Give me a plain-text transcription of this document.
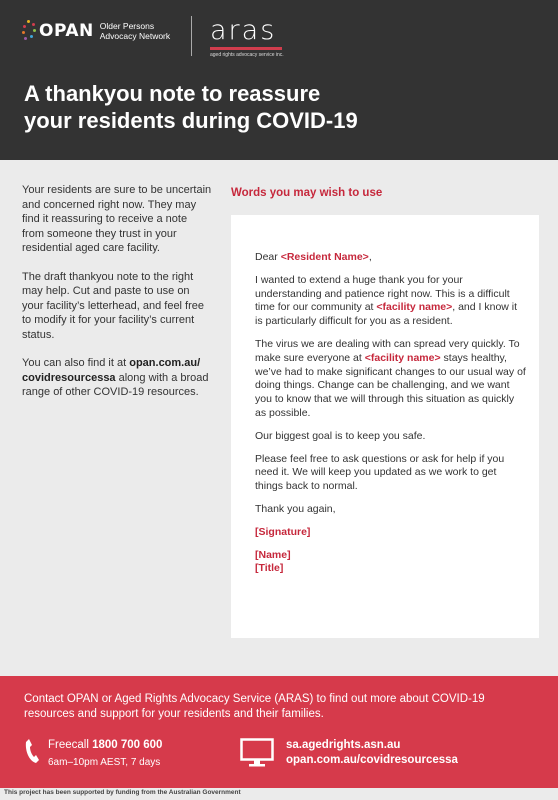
OPAN Older Persons
Advocacy Network aras
aged rights advocacy service inc.
A thankyou note to reassure
your residents during COVID-19

Your residents are sure to be uncertain and concerned right now. They may find it reassuring to receive a note from someone they trust in your residential aged care facility.

The draft thankyou note to the right may help. Cut and paste to use on your facility’s letterhead, and feel free to modify it for your facility’s current status.

You can also find it at opan.com.au/ covidresourcessa along with a broad range of other COVID-19 resources.

Words you may wish to use

Dear <Resident Name>,

I wanted to extend a huge thank you for your understanding and patience right now. This is a difficult time for our community at <facility name>, and I know it is particularly difficult for you as a resident.

The virus we are dealing with can spread very quickly. To make sure everyone at <facility name> stays healthy, we’ve had to make significant changes to our usual way of doing things. Change can be challenging, and we want you to know that we will through this situation as quickly as possible.

Our biggest goal is to keep you safe.

Please feel free to ask questions or ask for help if you need it. We will keep you updated as we work to get things back to normal.

Thank you again,

[Signature]

[Name]
[Title]
Contact OPAN or Aged Rights Advocacy Service (ARAS) to find out more about COVID-19 resources and support for your residents and their families.
Freecall 1800 700 600
6am–10pm AEST, 7 days
sa.agedrights.asn.au
opan.com.au/covidresourcessa
This project has been supported by funding from the Australian Government
